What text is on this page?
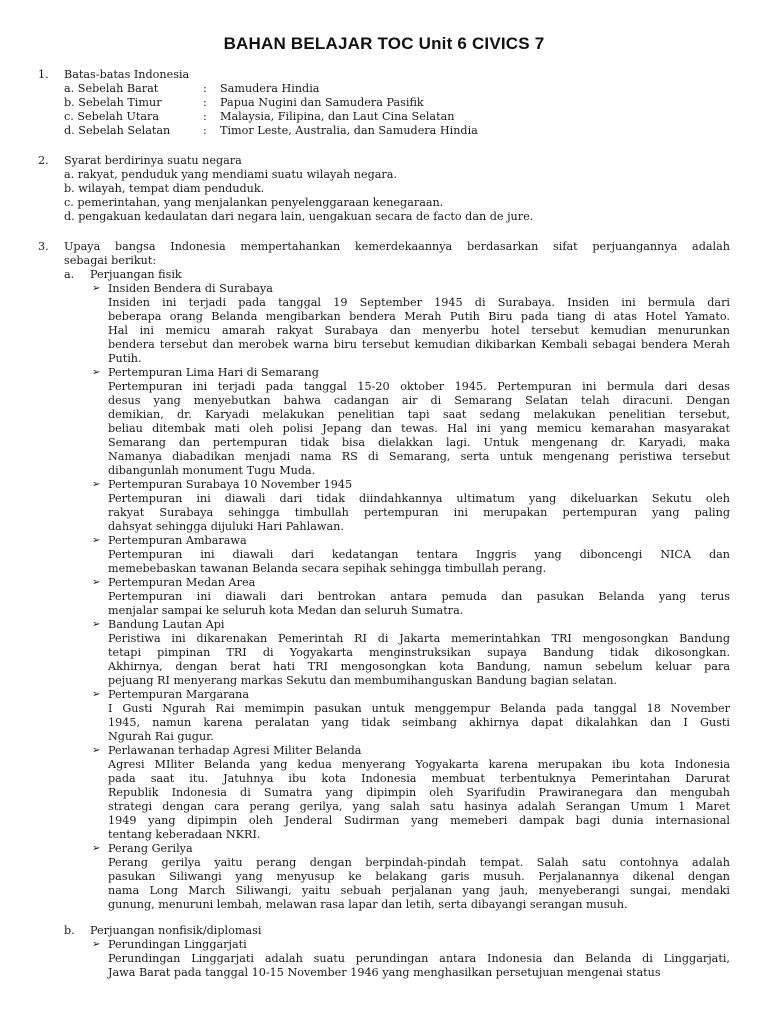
BAHAN BELAJAR TOC Unit 6 CIVICS 7
1. Batas-batas Indonesia
a. Sebelah Barat	: Samudera Hindia
b. Sebelah Timur	: Papua Nugini dan Samudera Pasifik
c. Sebelah Utara	: Malaysia, Filipina, dan Laut Cina Selatan
d. Sebelah Selatan	: Timor Leste, Australia, dan Samudera Hindia
2. Syarat berdirinya suatu negara
a. rakyat, penduduk yang mendiami suatu wilayah negara.
b. wilayah, tempat diam penduduk.
c. pemerintahan, yang menjalankan penyelenggaraan kenegaraan.
d. pengakuan kedaulatan dari negara lain, uengakuan secara de facto dan de jure.
3. Upaya bangsa Indonesia mempertahankan kemerdekaannya berdasarkan sifat perjuangannya adalah
sebagai berikut:
a. Perjuangan fisik
➢ Insiden Bendera di Surabaya
Insiden ini terjadi pada tanggal 19 September 1945 di Surabaya. Insiden ini bermula dari
beberapa orang Belanda mengibarkan bendera Merah Putih Biru pada tiang di atas Hotel Yamato.
Hal ini memicu amarah rakyat Surabaya dan menyerbu hotel tersebut kemudian menurunkan
bendera tersebut dan merobek warna biru tersebut kemudian dikibarkan Kembali sebagai bendera Merah
Putih.
➢ Pertempuran Lima Hari di Semarang
Pertempuran ini terjadi pada tanggal 15-20 oktober 1945. Pertempuran ini bermula dari desas
desus yang menyebutkan bahwa cadangan air di Semarang Selatan telah diracuni. Dengan
demikian, dr. Karyadi melakukan penelitian tapi saat sedang melakukan penelitian tersebut,
beliau ditembak mati oleh polisi Jepang dan tewas. Hal ini yang memicu kemarahan masyarakat
Semarang dan pertempuran tidak bisa dielakkan lagi. Untuk mengenang dr. Karyadi, maka
Namanya diabadikan menjadi nama RS di Semarang, serta untuk mengenang peristiwa tersebut
dibangunlah monument Tugu Muda.
➢ Pertempuran Surabaya 10 November 1945
Pertempuran ini diawali dari tidak diindahkannya ultimatum yang dikeluarkan Sekutu oleh
rakyat Surabaya sehingga timbullah pertempuran ini merupakan pertempuran yang paling
dahsyat sehingga dijuluki Hari Pahlawan.
➢ Pertempuran Ambarawa
Pertempuran ini diawali dari kedatangan tentara Inggris yang diboncengi NICA dan
memebebaskan tawanan Belanda secara sepihak sehingga timbullah perang.
➢ Pertempuran Medan Area
Pertempuran ini diawali dari bentrokan antara pemuda dan pasukan Belanda yang terus
menjalar sampai ke seluruh kota Medan dan seluruh Sumatra.
➢ Bandung Lautan Api
Peristiwa ini dikarenakan Pemerintah RI di Jakarta memerintahkan TRI mengosongkan Bandung
tetapi pimpinan TRI di Yogyakarta menginstruksikan supaya Bandung tidak dikosongkan.
Akhirnya, dengan berat hati TRI mengosongkan kota Bandung, namun sebelum keluar para
pejuang RI menyerang markas Sekutu dan membumihanguskan Bandung bagian selatan.
➢ Pertempuran Margarana
I Gusti Ngurah Rai memimpin pasukan untuk menggempur Belanda pada tanggal 18 November
1945, namun karena peralatan yang tidak seimbang akhirnya dapat dikalahkan dan I Gusti
Ngurah Rai gugur.
➢ Perlawanan terhadap Agresi Militer Belanda
Agresi MIliter Belanda yang kedua menyerang Yogyakarta karena merupakan ibu kota Indonesia
pada saat itu. Jatuhnya ibu kota Indonesia membuat terbentuknya Pemerintahan Darurat
Republik Indonesia di Sumatra yang dipimpin oleh Syarifudin Prawiranegara dan mengubah
strategi dengan cara perang gerilya, yang salah satu hasinya adalah Serangan Umum 1 Maret
1949 yang dipimpin oleh Jenderal Sudirman yang memeberi dampak bagi dunia internasional
tentang keberadaan NKRI.
➢ Perang Gerilya
Perang gerilya yaitu perang dengan berpindah-pindah tempat. Salah satu contohnya adalah
pasukan Siliwangi yang menyusup ke belakang garis musuh. Perjalanannya dikenal dengan
nama Long March Siliwangi, yaitu sebuah perjalanan yang jauh, menyeberangi sungai, mendaki
gunung, menuruni lembah, melawan rasa lapar dan letih, serta dibayangi serangan musuh.
b. Perjuangan nonfisik/diplomasi
➢ Perundingan Linggarjati
Perundingan Linggarjati adalah suatu perundingan antara Indonesia dan Belanda di Linggarjati,
Jawa Barat pada tanggal 10-15 November 1946 yang menghasilkan persetujuan mengenai status
